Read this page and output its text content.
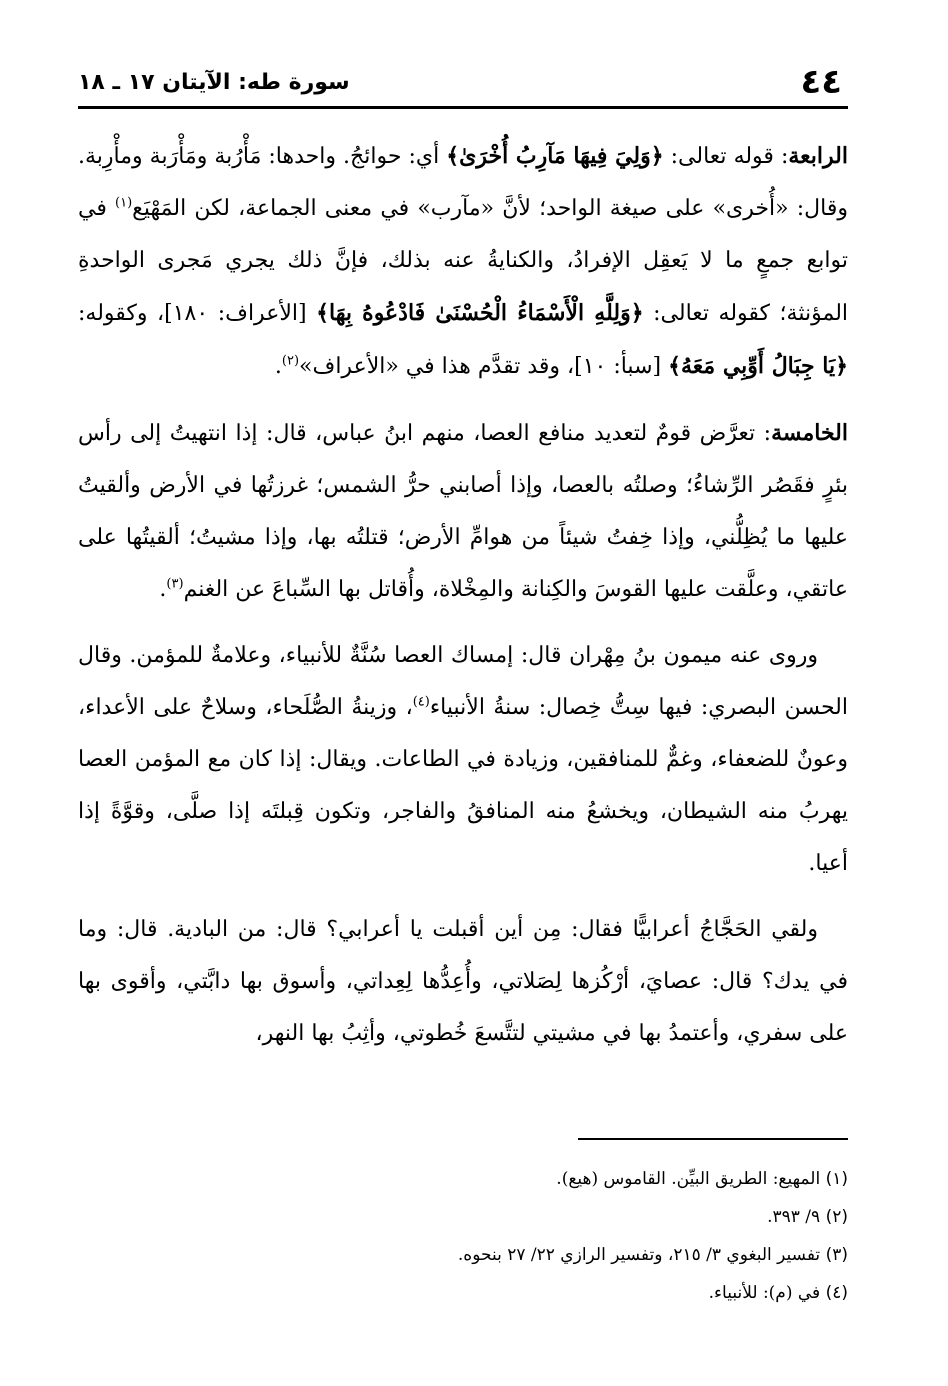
٤٤
سورة طه: الآيتان ١٧ ـ ١٨

الرابعة: قوله تعالى: ﴿وَلِيَ فِيهَا مَآرِبُ أُخْرَىٰ﴾ أي: حوائجُ. واحدها: مَأْرُبة ومَأْرَبة ومأْرِبة. وقال: «أُخرى» على صيغة الواحد؛ لأنَّ «مآرب» في معنى الجماعة، لكن المَهْيَع$^{(١)}$ في توابع جمعٍ ما لا يَعقِل الإفرادُ، والكنايةُ عنه بذلك، فإنَّ ذلك يجري مَجرى الواحدةِ المؤنثة؛ كقوله تعالى: ﴿وَلِلَّهِ الْأَسْمَاءُ الْحُسْنَىٰ فَادْعُوهُ بِهَا﴾ [الأعراف: ١٨٠]، وكقوله: ﴿يَا جِبَالُ أَوِّبِي مَعَهُ﴾ [سبأ: ١٠]، وقد تقدَّم هذا في «الأعراف»$^{(٢)}$.

الخامسة: تعرَّض قومٌ لتعديد منافع العصا، منهم ابنُ عباس، قال: إذا انتهيتُ إلى رأس بئرٍ فقَصُر الرِّشاءُ؛ وصلتُه بالعصا، وإذا أصابني حرُّ الشمس؛ غرزتُها في الأرض وألقيتُ عليها ما يُظِلُّني، وإذا خِفتُ شيئاً من هوامِّ الأرض؛ قتلتُه بها، وإذا مشيتُ؛ ألقيتُها على عاتقي، وعلَّقت عليها القوسَ والكِنانة والمِخْلاة، وأُقاتل بها السِّباعَ عن الغنم$^{(٣)}$.

وروى عنه ميمون بنُ مِهْران قال: إمساك العصا سُنَّةٌ للأنبياء، وعلامةٌ للمؤمن. وقال الحسن البصري: فيها سِتُّ خِصال: سنةُ الأنبياء$^{(٤)}$، وزينةُ الصُّلَحاء، وسلاحٌ على الأعداء، وعونٌ للضعفاء، وغمٌّ للمنافقين، وزيادة في الطاعات. ويقال: إذا كان مع المؤمن العصا يهربُ منه الشيطان، ويخشعُ منه المنافقُ والفاجر، وتكون قِبلتَه إذا صلَّى، وقوَّةً إذا أعيا.

ولقي الحَجَّاجُ أعرابيًّا فقال: مِن أين أقبلت يا أعرابي؟ قال: من البادية. قال: وما في يدك؟ قال: عصايَ، أرْكُزها لِصَلاتي، وأُعِدُّها لِعِداتي، وأسوق بها دابَّتي، وأقوى بها على سفري، وأعتمدُ بها في مشيتي لتتَّسعَ خُطوتي، وأثِبُ بها النهر،

(١) المهيع: الطريق البيِّن. القاموس (هيع).
(٢) ٩/ ٣٩٣.
(٣) تفسير البغوي ٣/ ٢١٥، وتفسير الرازي ٢٢/ ٢٧ بنحوه.
(٤) في (م): للأنبياء.
